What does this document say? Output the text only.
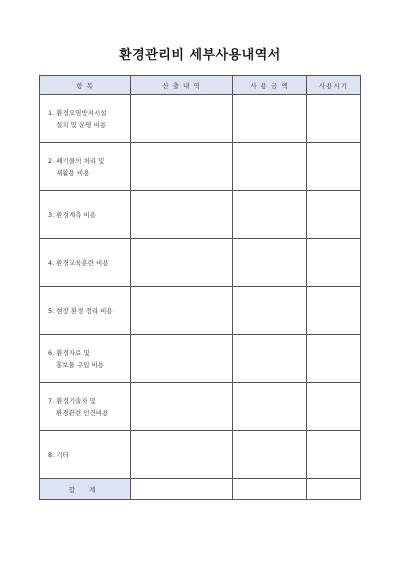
환경관리비 세부사용내역서
항 목	산 출 내 역	사 용 금 액	사용시기

1. 환경오염방지시설
설치 및 운영 비용			

2. 폐기물의 처리 및
재활용 비용			

3. 환경계측 비용			

4. 환경교육훈련 비용			

5. 현장 환경 정리 비용			

6. 환경자료 및
홍보물 구입 비용			

7. 환경기술자 및
환경관련 인건비용			

8. 기타			

합 계			
